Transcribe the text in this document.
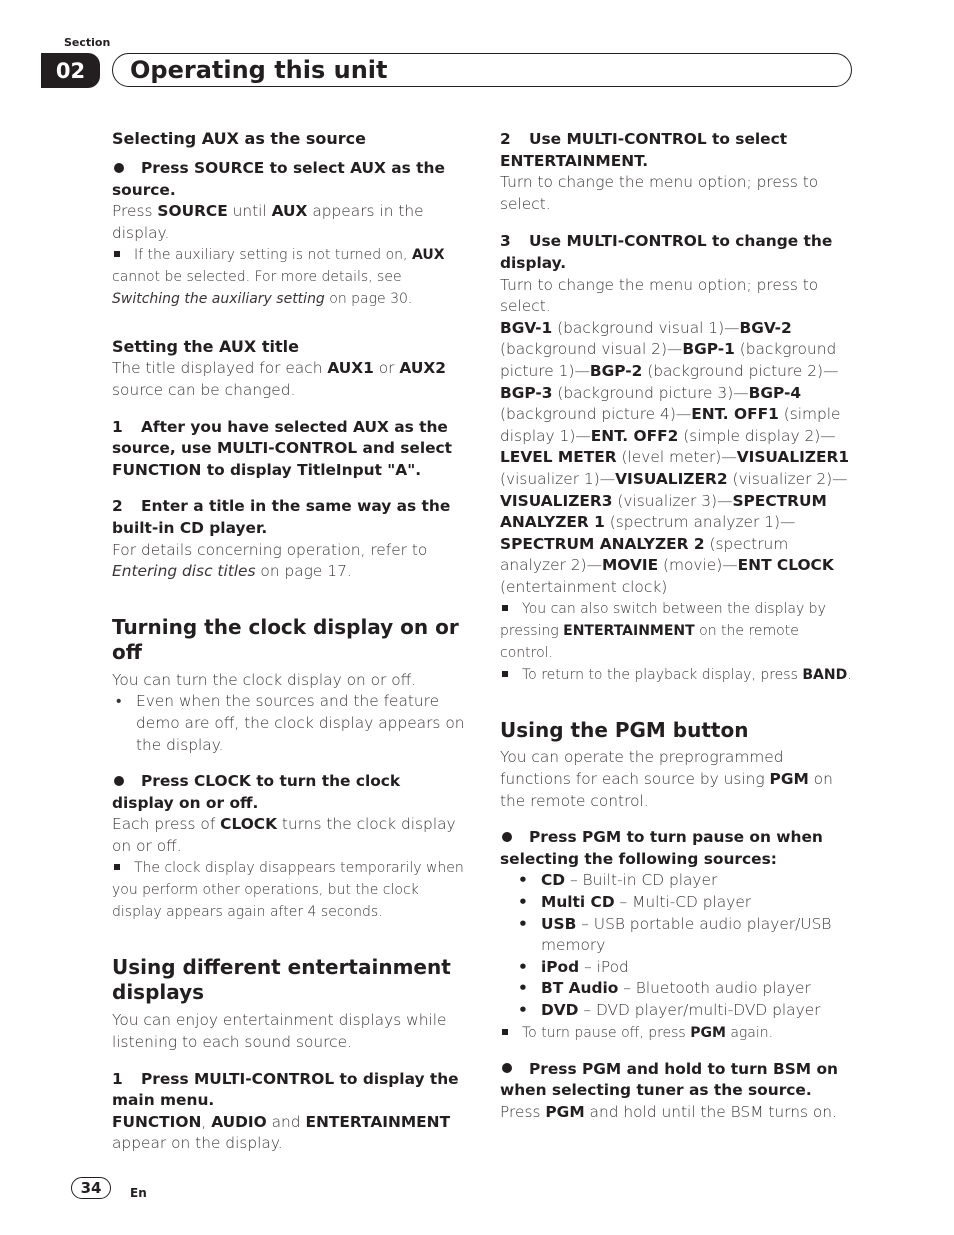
Section
02	Operating this unit

Selecting AUX as the source

Press SOURCE to select AUX as the source.

Press SOURCE until AUX appears in the display.

If the auxiliary setting is not turned on, AUX cannot be selected. For more details, see Switching the auxiliary setting on page 30.

Setting the AUX title

The title displayed for each AUX1 or AUX2 source can be changed.

1 After you have selected AUX as the source, use MULTI-CONTROL and select FUNCTION to display TitleInput "A".

2 Enter a title in the same way as the built-in CD player.

For details concerning operation, refer to Entering disc titles on page 17.

Turning the clock display on or off

You can turn the clock display on or off.

• Even when the sources and the feature demo are off, the clock display appears on the display.

Press CLOCK to turn the clock display on or off.

Each press of CLOCK turns the clock display on or off.

The clock display disappears temporarily when you perform other operations, but the clock display appears again after 4 seconds.

Using different entertainment displays

You can enjoy entertainment displays while listening to each sound source.

1 Press MULTI-CONTROL to display the main menu.

FUNCTION, AUDIO and ENTERTAINMENT appear on the display.

2 Use MULTI-CONTROL to select ENTERTAINMENT.

Turn to change the menu option; press to select.

3 Use MULTI-CONTROL to change the display.

Turn to change the menu option; press to select.

BGV-1 (background visual 1)—BGV-2 (background visual 2)—BGP-1 (background picture 1)—BGP-2 (background picture 2)—BGP-3 (background picture 3)—BGP-4 (background picture 4)—ENT. OFF1 (simple display 1)—ENT. OFF2 (simple display 2)—LEVEL METER (level meter)—VISUALIZER1 (visualizer 1)—VISUALIZER2 (visualizer 2)—VISUALIZER3 (visualizer 3)—SPECTRUM ANALYZER 1 (spectrum analyzer 1)—SPECTRUM ANALYZER 2 (spectrum analyzer 2)—MOVIE (movie)—ENT CLOCK (entertainment clock)

You can also switch between the display by pressing ENTERTAINMENT on the remote control.

To return to the playback display, press BAND.

Using the PGM button

You can operate the preprogrammed functions for each source by using PGM on the remote control.

Press PGM to turn pause on when selecting the following sources:

• CD – Built-in CD player
• Multi CD – Multi-CD player
• USB – USB portable audio player/USB memory
• iPod – iPod
• BT Audio – Bluetooth audio player
• DVD – DVD player/multi-DVD player

To turn pause off, press PGM again.

Press PGM and hold to turn BSM on when selecting tuner as the source.

Press PGM and hold until the BSM turns on.

34	En
